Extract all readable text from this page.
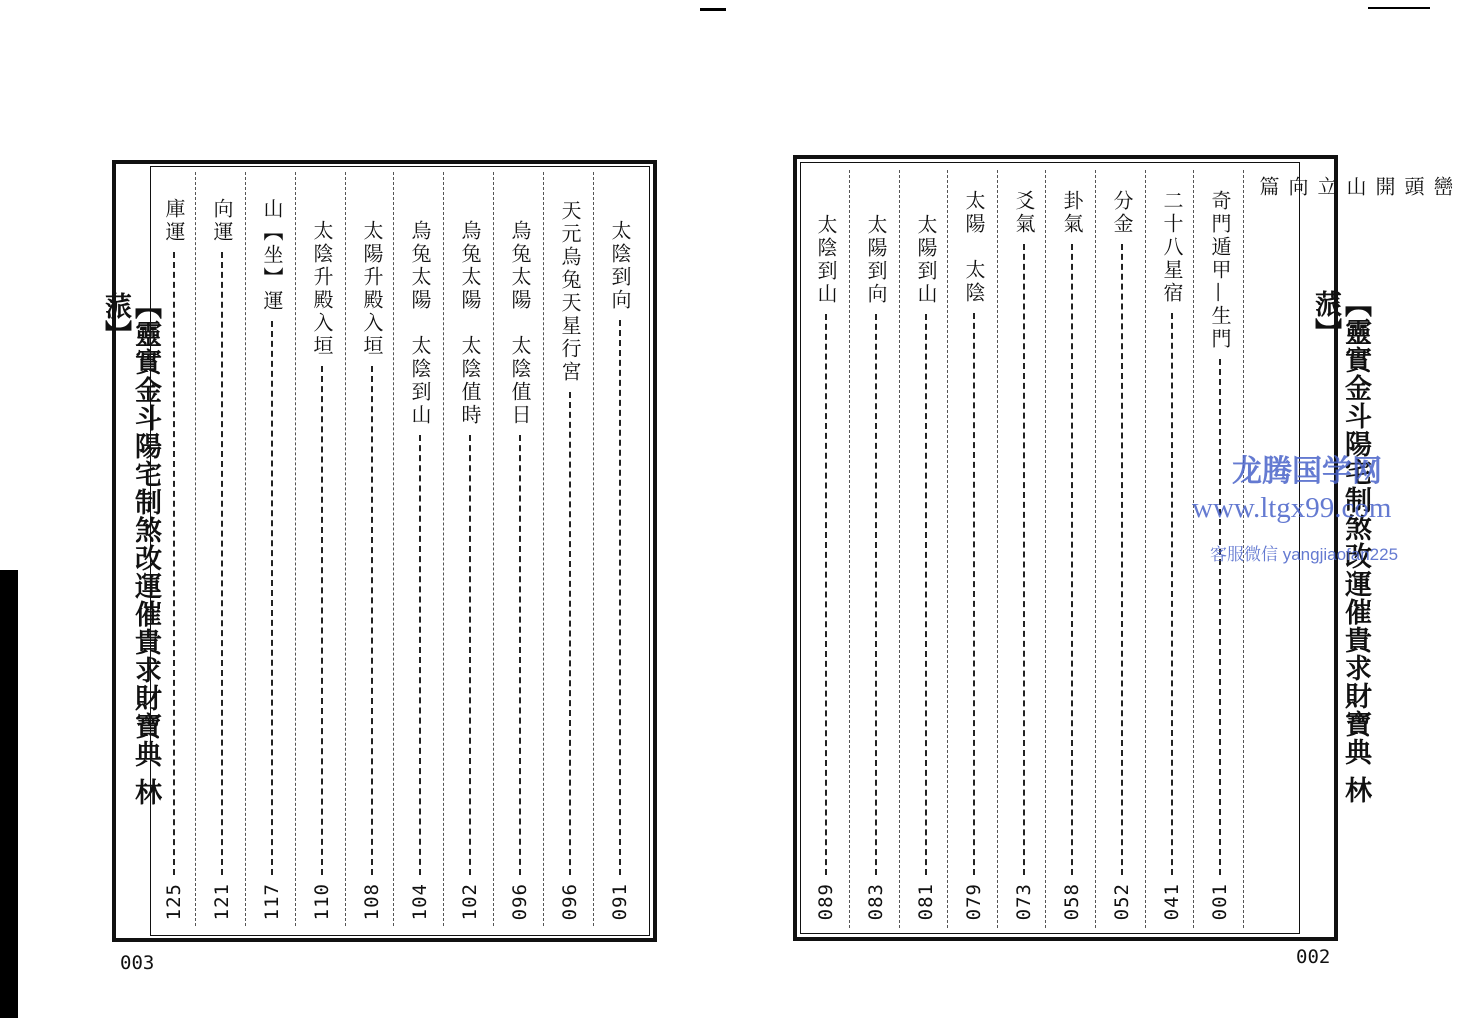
【靈實金斗陽宅制煞改運催貴求財寶典 林蒎】
太陰到向
091
天元烏兔天星行宮
096
烏兔太陽　太陰值日
096
烏兔太陽　太陰值時
102
烏兔太陽　太陰到山
104
太陽升殿入垣
108
太陰升殿入垣
110
山【坐】運
117
向運
121
庫運
125
003
【靈實金斗陽宅制煞改運催貴求財寶典 林蒎】
巒頭開山立向篇
奇門遁甲—生門
001
二十八星宿
041
分金
052
卦氣
058
爻氣
073
太陽　太陰
079
太陽到山
081
太陽到向
083
太陰到山
089
002
龙腾国学网
www.ltgx99.com
客服微信 yangjiaofan225
